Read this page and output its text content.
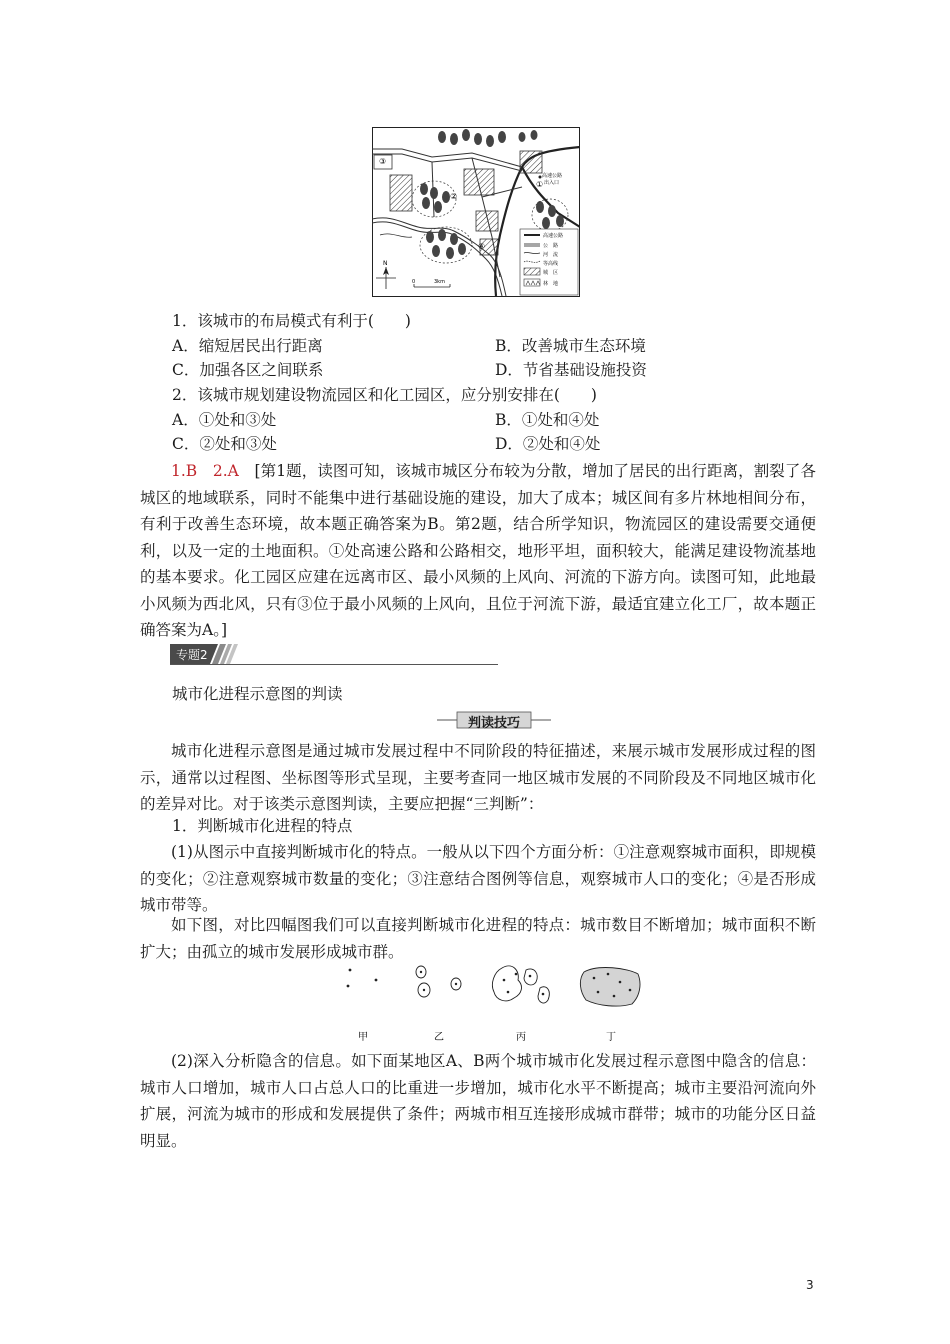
③
②
①
④
高速公路
出入口
N
0	3km
高速公路
公　路
河　流
等高线
城　区
林　地
1．该城市的布局模式有利于(　　)
A．缩短居民出行距离	B．改善城市生态环境
C．加强各区之间联系	D．节省基础设施投资
2．该城市规划建设物流园区和化工园区，应分别安排在(　　)
A．①处和③处	B．①处和④处
C．②处和③处	D．②处和④处
1.B　2.A　 [第1题，读图可知，该城市城区分布较为分散，增加了居民的出行距离，割裂了各城区的地域联系，同时不能集中进行基础设施的建设，加大了成本；城区间有多片林地相间分布，有利于改善生态环境，故本题正确答案为B。第2题，结合所学知识，物流园区的建设需要交通便利，以及一定的土地面积。①处高速公路和公路相交，地形平坦，面积较大，能满足建设物流基地的基本要求。化工园区应建在远离市区、最小风频的上风向、河流的下游方向。读图可知，此地最小风频为西北风，只有③位于最小风频的上风向，且位于河流下游，最适宜建立化工厂，故本题正确答案为A。]
专题2
城市化进程示意图的判读
判读技巧
城市化进程示意图是通过城市发展过程中不同阶段的特征描述，来展示城市发展形成过程的图示，通常以过程图、坐标图等形式呈现，主要考查同一地区城市发展的不同阶段及不同地区城市化的差异对比。对于该类示意图判读，主要应把握“三判断”：
1．判断城市化进程的特点
(1)从图示中直接判断城市化的特点。一般从以下四个方面分析：①注意观察城市面积，即规模的变化；②注意观察城市数量的变化；③注意结合图例等信息，观察城市人口的变化；④是否形成城市带等。
如下图，对比四幅图我们可以直接判断城市化进程的特点：城市数目不断增加；城市面积不断扩大；由孤立的城市发展形成城市群。
甲	乙	丙	丁
(2)深入分析隐含的信息。如下面某地区A、B两个城市城市化发展过程示意图中隐含的信息：城市人口增加，城市人口占总人口的比重进一步增加，城市化水平不断提高；城市主要沿河流向外扩展，河流为城市的形成和发展提供了条件；两城市相互连接形成城市群带；城市的功能分区日益明显。
3
